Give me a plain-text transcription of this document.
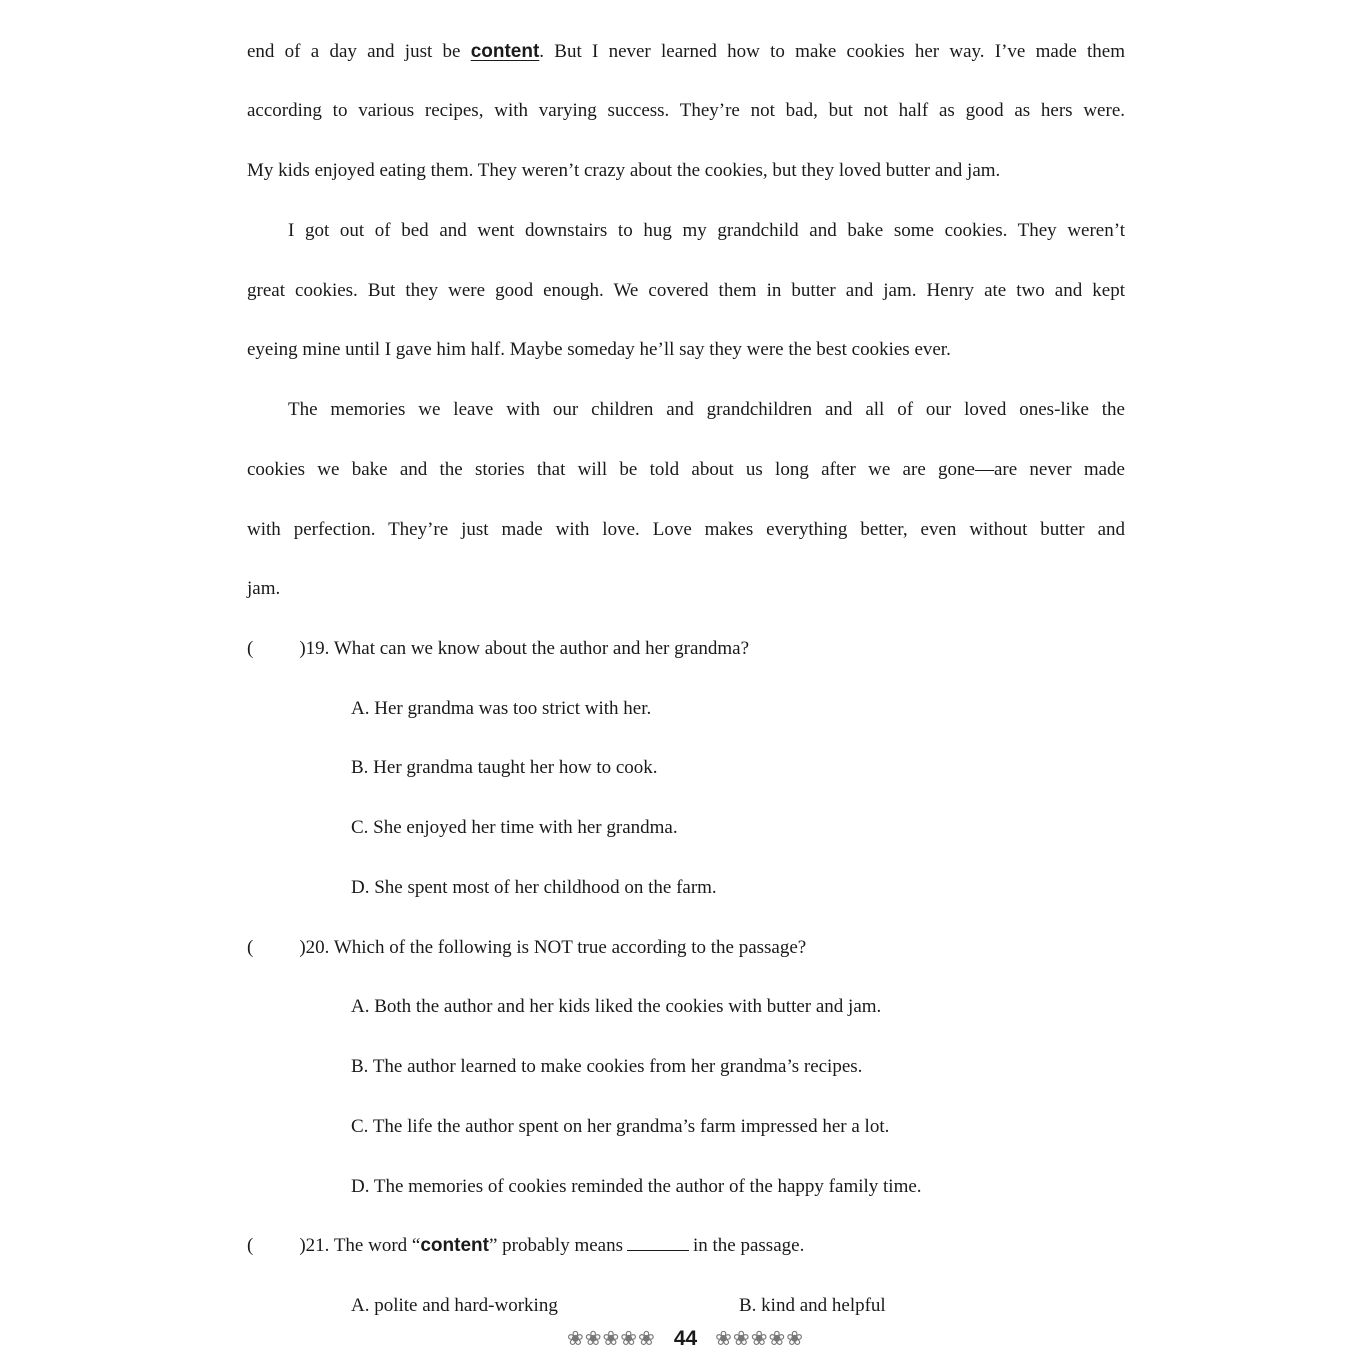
end of a day and just be content. But I never learned how to make cookies her way. I’ve made them
according to various recipes, with varying success. They’re not bad, but not half as good as hers were.
My kids enjoyed eating them. They weren’t crazy about the cookies, but they loved butter and jam.
I got out of bed and went downstairs to hug my grandchild and bake some cookies. They weren’t
great cookies. But they were good enough. We covered them in butter and jam. Henry ate two and kept
eyeing mine until I gave him half. Maybe someday he’ll say they were the best cookies ever.
The memories we leave with our children and grandchildren and all of our loved ones-like the
cookies we bake and the stories that will be told about us long after we are gone—are never made
with perfection. They’re just made with love. Love makes everything better, even without butter and
jam.
( )19. What can we know about the author and her grandma?
A. Her grandma was too strict with her.
B. Her grandma taught her how to cook.
C. She enjoyed her time with her grandma.
D. She spent most of her childhood on the farm.
( )20. Which of the following is NOT true according to the passage?
A. Both the author and her kids liked the cookies with butter and jam.
B. The author learned to make cookies from her grandma’s recipes.
C. The life the author spent on her grandma’s farm impressed her a lot.
D. The memories of cookies reminded the author of the happy family time.
( )21. The word “content” probably means	in the passage.
A. polite and hard-working	B. kind and helpful
❀❀❀❀❀ 44 ❀❀❀❀❀
